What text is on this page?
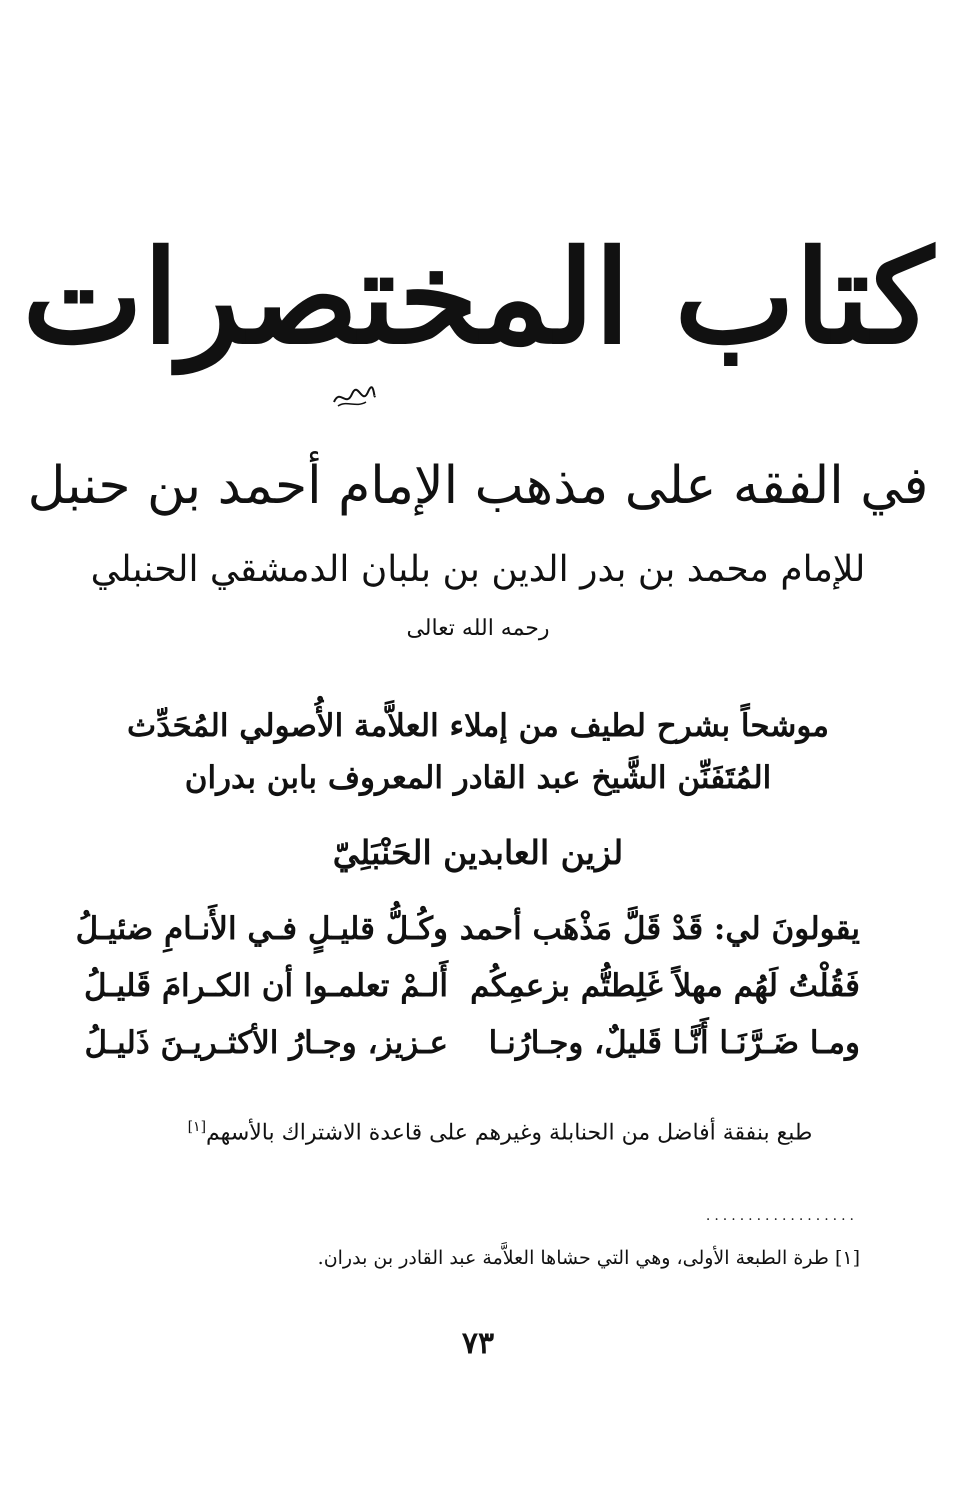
كتاب المختصرات
في الفقه على مذهب الإمام أحمد بن حنبل
للإمام محمد بن بدر الدين بن بلبان الدمشقي الحنبلي
رحمه الله تعالى
موشحاً بشرح لطيف من إملاء العلاَّمة الأُصولي المُحَدِّث
المُتَفَنِّن الشَّيخ عبد القادر المعروف بابن بدران
لزين العابدين الحَنْبَلِيّ
يقولونَ لي: قَدْ قَلَّ مَذْهَب أحمد
وكُـلُّ قليـلٍ فـي الأَنـامِ ضئيـلُ
فَقُلْتُ لَهُم مهلاً غَلِطتُّم بزعمِكُم
أَلـمْ تعلمـوا أن الكـرامَ قَليـلُ
ومـا ضَـرَّنَـا أَنَّـا قَليلٌ، وجـارُنـا
عـزيز، وجـارُ الأكثـريـنَ ذَليـلُ
طبع بنفقة أفاضل من الحنابلة وغيرهم على قاعدة الاشتراك بالأسهم[١]
..................
[١] طرة الطبعة الأولى، وهي التي حشاها العلاَّمة عبد القادر بن بدران.
٧٣
